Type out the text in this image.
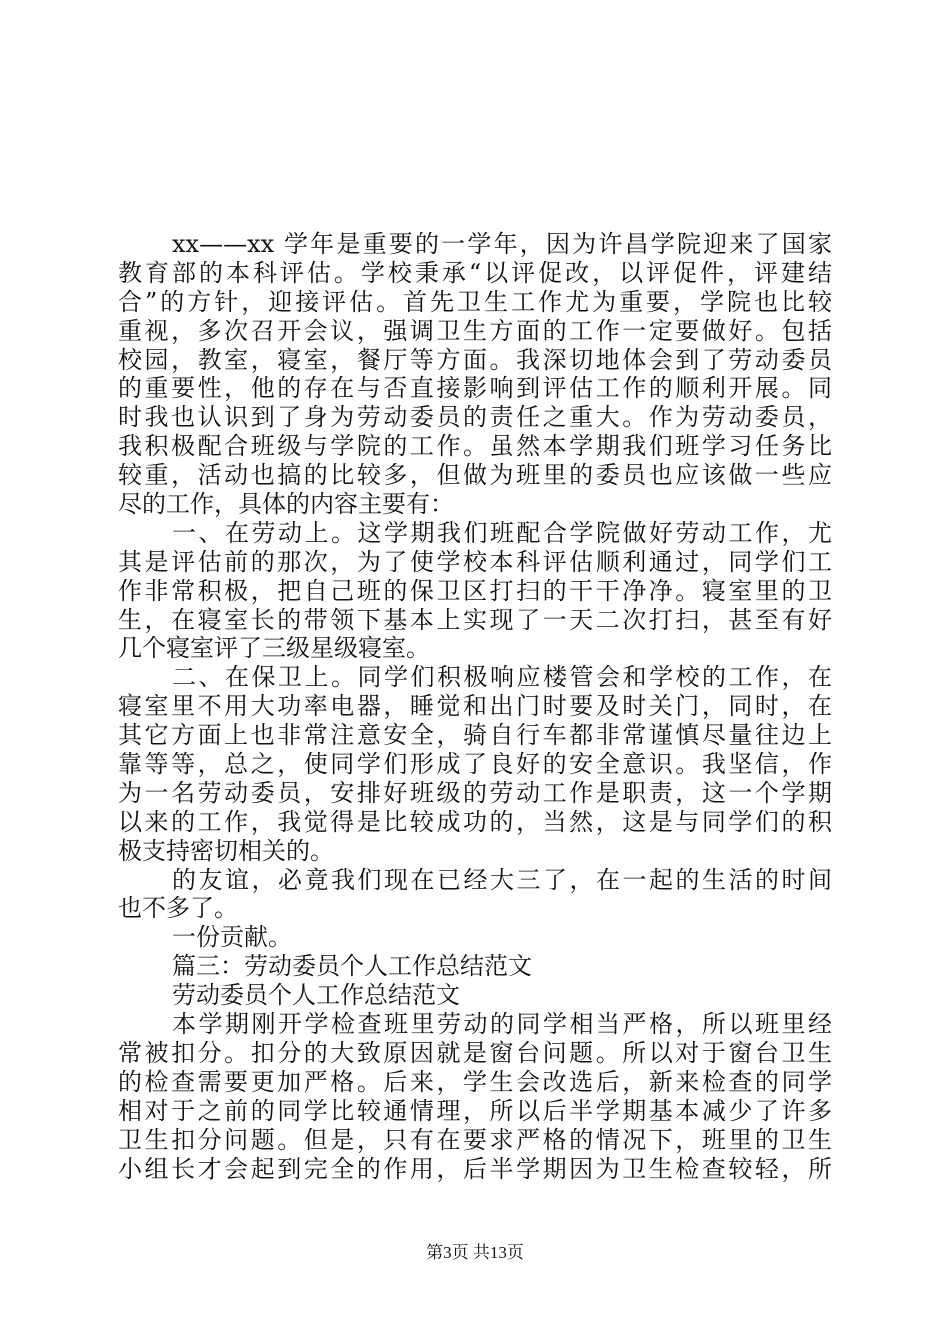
xx——xx 学年是重要的一学年，因为许昌学院迎来了国家
教育部的本科评估。学校秉承“以评促改，以评促件，评建结
合”的方针，迎接评估。首先卫生工作尤为重要，学院也比较
重视，多次召开会议，强调卫生方面的工作一定要做好。包括
校园，教室，寝室，餐厅等方面。我深切地体会到了劳动委员
的重要性，他的存在与否直接影响到评估工作的顺利开展。同
时我也认识到了身为劳动委员的责任之重大。作为劳动委员，
我积极配合班级与学院的工作。虽然本学期我们班学习任务比
较重，活动也搞的比较多，但做为班里的委员也应该做一些应
尽的工作，具体的内容主要有：
一、在劳动上。这学期我们班配合学院做好劳动工作，尤
其是评估前的那次，为了使学校本科评估顺利通过，同学们工
作非常积极，把自己班的保卫区打扫的干干净净。寝室里的卫
生，在寝室长的带领下基本上实现了一天二次打扫，甚至有好
几个寝室评了三级星级寝室。
二、在保卫上。同学们积极响应楼管会和学校的工作，在
寝室里不用大功率电器，睡觉和出门时要及时关门，同时，在
其它方面上也非常注意安全，骑自行车都非常谨慎尽量往边上
靠等等，总之，使同学们形成了良好的安全意识。我坚信，作
为一名劳动委员，安排好班级的劳动工作是职责，这一个学期
以来的工作，我觉得是比较成功的，当然，这是与同学们的积
极支持密切相关的。
的友谊，必竟我们现在已经大三了，在一起的生活的时间
也不多了。
一份贡献。
篇三：劳动委员个人工作总结范文
劳动委员个人工作总结范文
本学期刚开学检查班里劳动的同学相当严格，所以班里经
常被扣分。扣分的大致原因就是窗台问题。所以对于窗台卫生
的检查需要更加严格。后来，学生会改选后，新来检查的同学
相对于之前的同学比较通情理，所以后半学期基本减少了许多
卫生扣分问题。但是，只有在要求严格的情况下，班里的卫生
小组长才会起到完全的作用，后半学期因为卫生检查较轻，所
第3页 共13页
